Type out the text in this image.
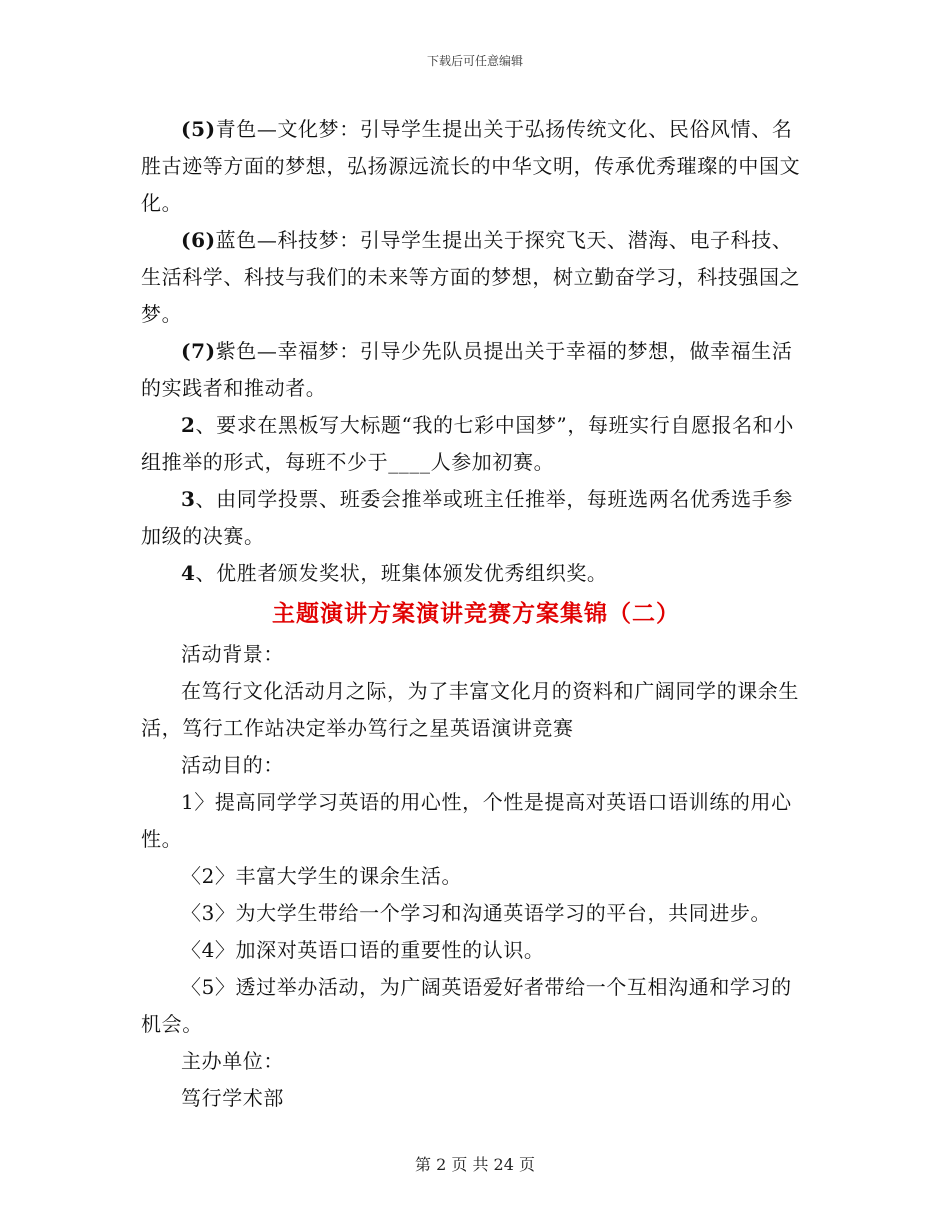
下载后可任意编辑

(5)青色—文化梦：引导学生提出关于弘扬传统文化、民俗风情、名胜古迹等方面的梦想，弘扬源远流长的中华文明，传承优秀璀璨的中国文化。

(6)蓝色—科技梦：引导学生提出关于探究飞天、潜海、电子科技、生活科学、科技与我们的未来等方面的梦想，树立勤奋学习，科技强国之梦。

(7)紫色—幸福梦：引导少先队员提出关于幸福的梦想，做幸福生活的实践者和推动者。

2、要求在黑板写大标题“我的七彩中国梦”，每班实行自愿报名和小组推举的形式，每班不少于____人参加初赛。

3、由同学投票、班委会推举或班主任推举，每班选两名优秀选手参加级的决赛。

4、优胜者颁发奖状，班集体颁发优秀组织奖。

主题演讲方案演讲竞赛方案集锦（二）

活动背景：

在笃行文化活动月之际，为了丰富文化月的资料和广阔同学的课余生活，笃行工作站决定举办笃行之星英语演讲竞赛

活动目的：

1〉提高同学学习英语的用心性，个性是提高对英语口语训练的用心性。

〈2〉丰富大学生的课余生活。

〈3〉为大学生带给一个学习和沟通英语学习的平台，共同进步。

〈4〉加深对英语口语的重要性的认识。

〈5〉透过举办活动，为广阔英语爱好者带给一个互相沟通和学习的机会。

主办单位：

笃行学术部

第 2 页 共 24 页
